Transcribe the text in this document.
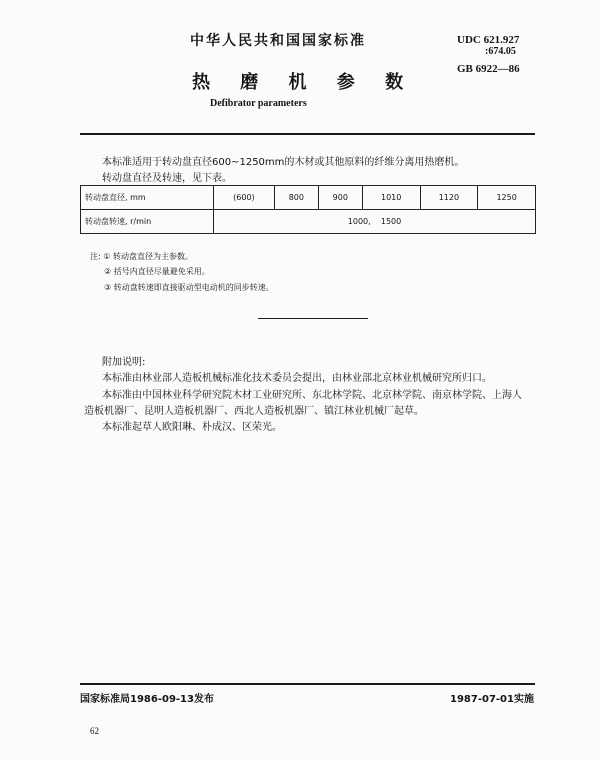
中华人民共和国国家标准	UDC 621.927
:674.05
GB 6922—86
热 磨 机 参 数
Defibrator parameters
本标准适用于转动盘直径600~1250mm的木材或其他原料的纤维分离用热磨机。
转动盘直径及转速，见下表。
转动盘直径, mm	(600)	800	900	1010	1120	1250
转动盘转速, r/min	1000,    1500					
注: ① 转动盘直径为主参数。
② 括号内直径尽量避免采用。
③ 转动盘转速即直接驱动型电动机的同步转速。
附加说明:
本标准由林业部人造板机械标准化技术委员会提出，由林业部北京林业机械研究所归口。
本标准由中国林业科学研究院木材工业研究所、东北林学院、北京林学院、南京林学院、上海人
造板机器厂、昆明人造板机器厂、西北人造板机器厂、镇江林业机械厂起草。
本标准起草人欧阳琳、朴成汉、区荣光。
国家标准局1986-09-13发布	1987-07-01实施
62
